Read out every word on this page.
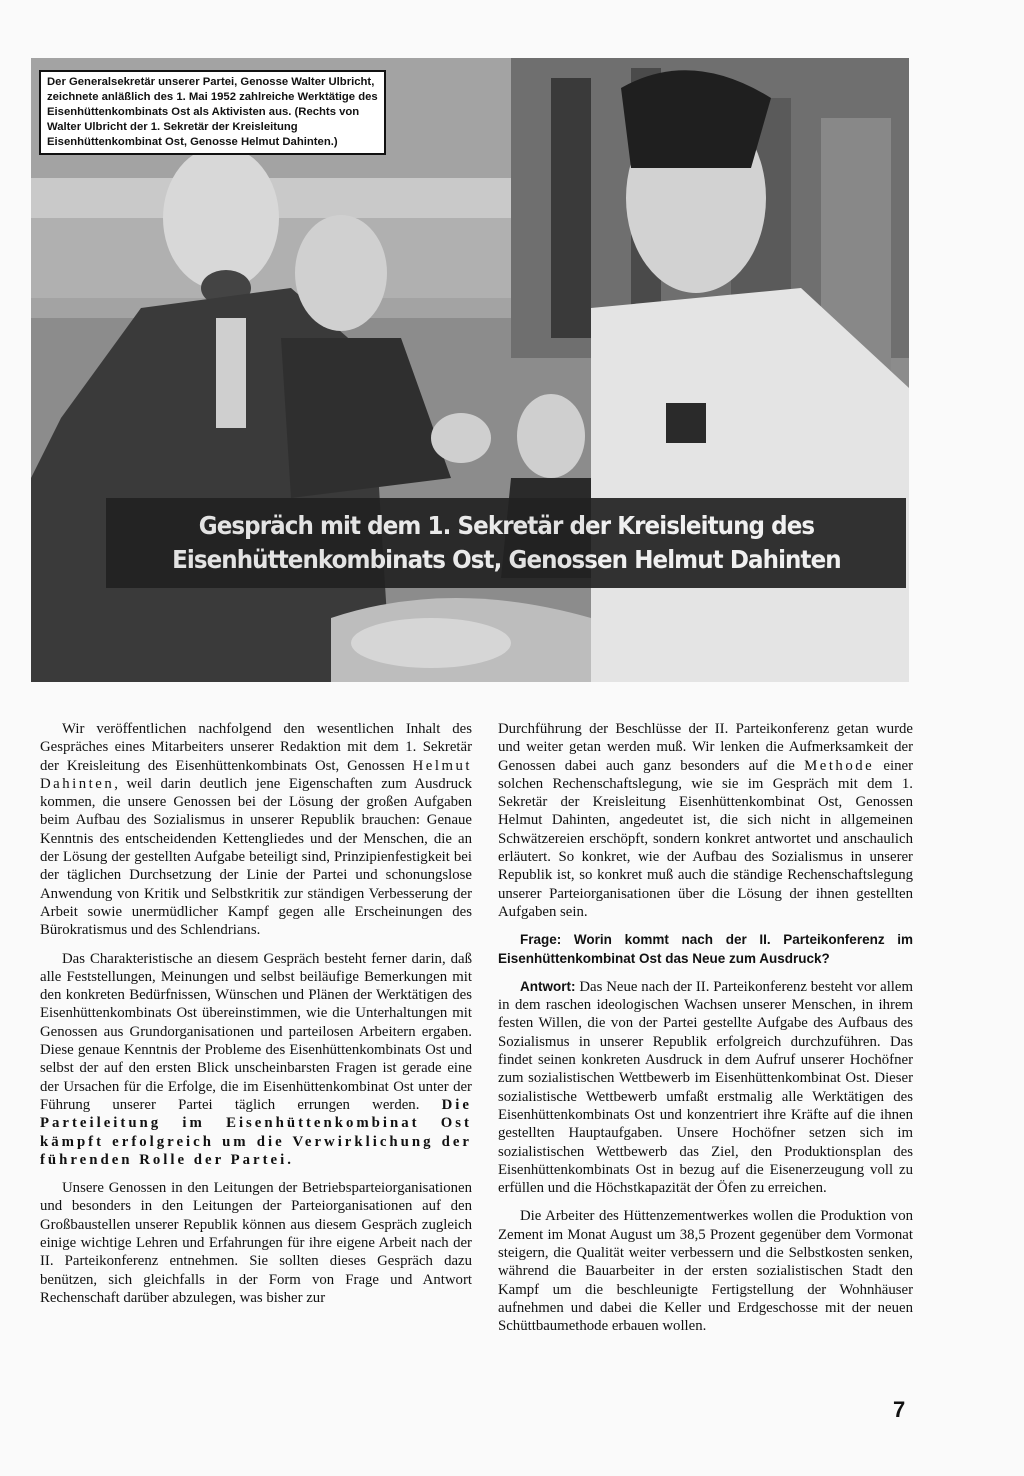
Der Generalsekretär unserer Partei, Genosse Walter Ulbricht, zeichnete anläßlich des 1. Mai 1952 zahlreiche Werktätige des Eisenhüttenkombinats Ost als Aktivisten aus. (Rechts von Walter Ulbricht der 1. Sekretär der Kreisleitung Eisenhüttenkombinat Ost, Genosse Helmut Dahinten.)

Gespräch mit dem 1. Sekretär der Kreisleitung des
Eisenhüttenkombinats Ost, Genossen Helmut Dahinten

Wir veröffentlichen nachfolgend den wesentlichen Inhalt des Gespräches eines Mitarbeiters unserer Redaktion mit dem 1. Sekretär der Kreisleitung des Eisenhüttenkombinats Ost, Genossen Helmut Dahinten, weil darin deutlich jene Eigenschaften zum Ausdruck kommen, die unsere Genossen bei der Lösung der großen Aufgaben beim Aufbau des Sozialismus in unserer Republik brauchen: Genaue Kenntnis des entscheidenden Kettengliedes und der Menschen, die an der Lösung der gestellten Aufgabe beteiligt sind, Prinzipienfestigkeit bei der täglichen Durchsetzung der Linie der Partei und schonungslose Anwendung von Kritik und Selbstkritik zur ständigen Verbesserung der Arbeit sowie unermüdlicher Kampf gegen alle Erscheinungen des Bürokratismus und des Schlendrians.

Das Charakteristische an diesem Gespräch besteht ferner darin, daß alle Feststellungen, Meinungen und selbst beiläufige Bemerkungen mit den konkreten Bedürfnissen, Wünschen und Plänen der Werktätigen des Eisenhüttenkombinats Ost übereinstimmen, wie die Unterhaltungen mit Genossen aus Grundorganisationen und parteilosen Arbeitern ergaben. Diese genaue Kenntnis der Probleme des Eisenhüttenkombinats Ost und selbst der auf den ersten Blick unscheinbarsten Fragen ist gerade eine der Ursachen für die Erfolge, die im Eisenhüttenkombinat Ost unter der Führung unserer Partei täglich errungen werden. Die Parteileitung im Eisenhüttenkombinat Ost kämpft erfolgreich um die Verwirklichung der führenden Rolle der Partei.

Unsere Genossen in den Leitungen der Betriebsparteiorganisationen und besonders in den Leitungen der Parteiorganisationen auf den Großbaustellen unserer Republik können aus diesem Gespräch zugleich einige wichtige Lehren und Erfahrungen für ihre eigene Arbeit nach der II. Parteikonferenz entnehmen. Sie sollten dieses Gespräch dazu benützen, sich gleichfalls in der Form von Frage und Antwort Rechenschaft darüber abzulegen, was bisher zur

Durchführung der Beschlüsse der II. Parteikonferenz getan wurde und weiter getan werden muß. Wir lenken die Aufmerksamkeit der Genossen dabei auch ganz besonders auf die Methode einer solchen Rechenschaftslegung, wie sie im Gespräch mit dem 1. Sekretär der Kreisleitung Eisenhüttenkombinat Ost, Genossen Helmut Dahinten, angedeutet ist, die sich nicht in allgemeinen Schwätzereien erschöpft, sondern konkret antwortet und anschaulich erläutert. So konkret, wie der Aufbau des Sozialismus in unserer Republik ist, so konkret muß auch die ständige Rechenschaftslegung unserer Parteiorganisationen über die Lösung der ihnen gestellten Aufgaben sein.

Frage: Worin kommt nach der II. Parteikonferenz im Eisenhüttenkombinat Ost das Neue zum Ausdruck?

Antwort: Das Neue nach der II. Parteikonferenz besteht vor allem in dem raschen ideologischen Wachsen unserer Menschen, in ihrem festen Willen, die von der Partei gestellte Aufgabe des Aufbaus des Sozialismus in unserer Republik erfolgreich durchzuführen. Das findet seinen konkreten Ausdruck in dem Aufruf unserer Hochöfner zum sozialistischen Wettbewerb im Eisenhüttenkombinat Ost. Dieser sozialistische Wettbewerb umfaßt erstmalig alle Werktätigen des Eisenhüttenkombinats Ost und konzentriert ihre Kräfte auf die ihnen gestellten Hauptaufgaben. Unsere Hochöfner setzen sich im sozialistischen Wettbewerb das Ziel, den Produktionsplan des Eisenhüttenkombinats Ost in bezug auf die Eisenerzeugung voll zu erfüllen und die Höchstkapazität der Öfen zu erreichen.

Die Arbeiter des Hüttenzementwerkes wollen die Produktion von Zement im Monat August um 38,5 Prozent gegenüber dem Vormonat steigern, die Qualität weiter verbessern und die Selbstkosten senken, während die Bauarbeiter in der ersten sozialistischen Stadt den Kampf um die beschleunigte Fertigstellung der Wohnhäuser aufnehmen und dabei die Keller und Erdgeschosse mit der neuen Schüttbaumethode erbauen wollen.

7
